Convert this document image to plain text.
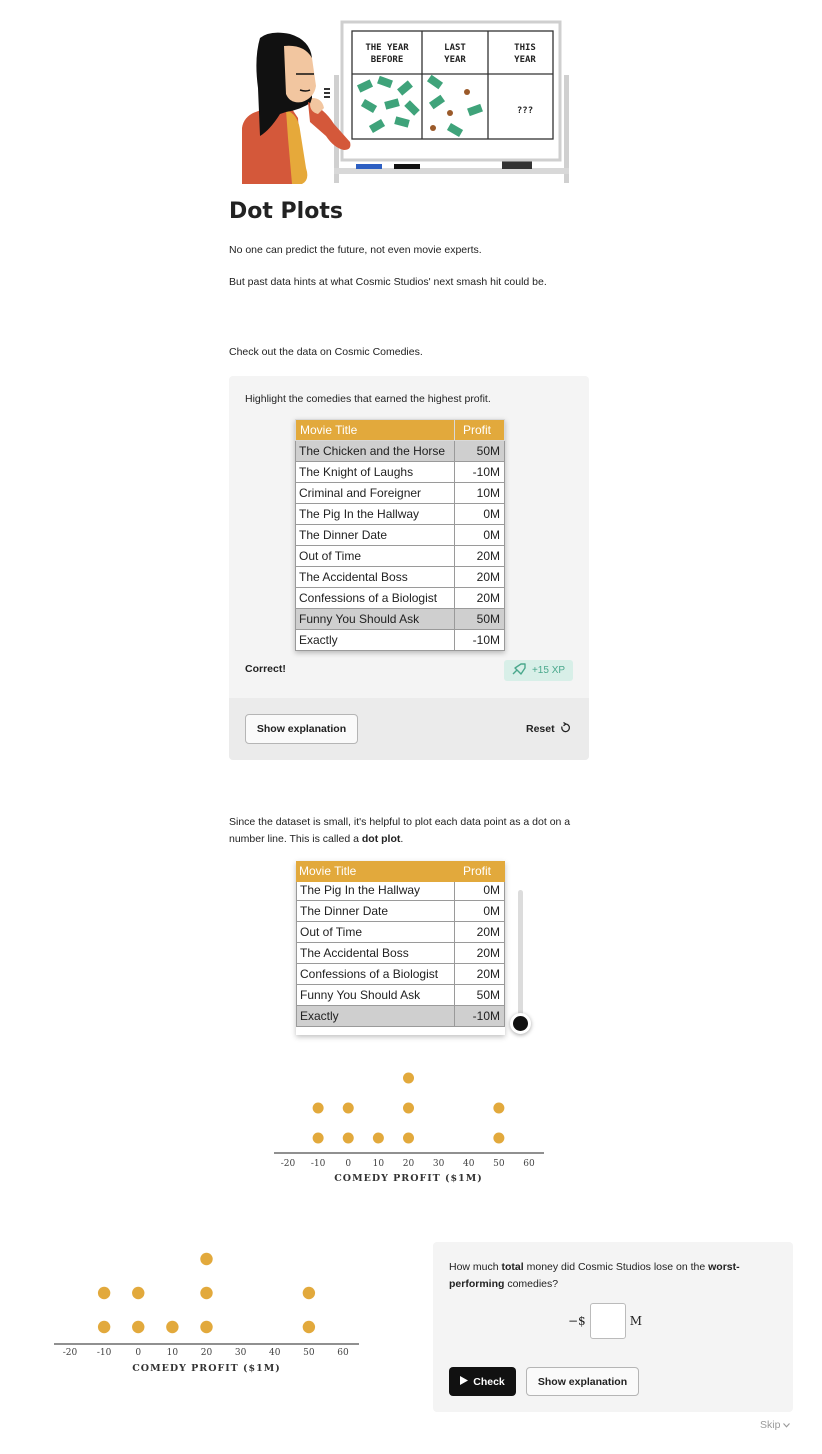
THE YEAR
BEFORE
LAST
YEAR
THIS
YEAR
???
Dot Plots
No one can predict the future, not even movie experts.
But past data hints at what Cosmic Studios' next smash hit could be.
Check out the data on Cosmic Comedies.
Highlight the comedies that earned the highest profit.
Movie Title	Profit
The Chicken and the Horse	50M
The Knight of Laughs	-10M
Criminal and Foreigner	10M
The Pig In the Hallway	0M
The Dinner Date	0M
Out of Time	20M
The Accidental Boss	20M
Confessions of a Biologist	20M
Funny You Should Ask	50M
Exactly	-10M
Correct!	+15 XP
Show explanation	Reset
Since the dataset is small, it's helpful to plot each data point as a dot on a number line. This is called a dot plot.
Movie Title	Profit
The Pig In the Hallway	0M
The Dinner Date	0M
Out of Time	20M
The Accidental Boss	20M
Confessions of a Biologist	20M
Funny You Should Ask	50M
Exactly	-10M
-20 -10 0 10 20 30 40 50 60
COMEDY PROFIT ($1M)
-20 -10	0	10	20	30	40	50	60
COMEDY PROFIT ($1M)
How much total money did Cosmic Studios lose on the worst-performing comedies?
−$	M
Check	Show explanation
Skip
